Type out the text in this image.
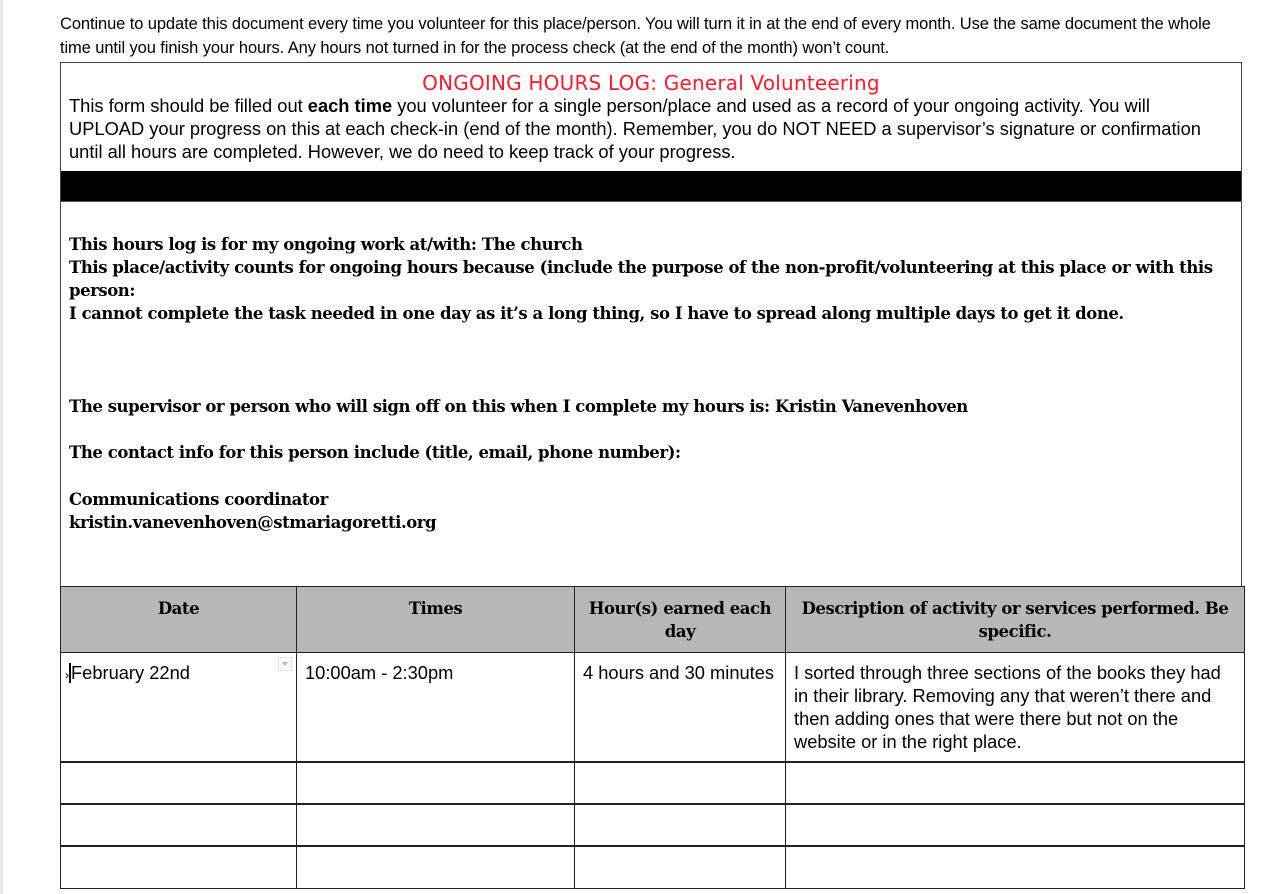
Continue to update this document every time you volunteer for this place/person. You will turn it in at the end of every month. Use the same document the whole time until you finish your hours. Any hours not turned in for the process check (at the end of the month) won’t count.
ONGOING HOURS LOG: General Volunteering
This form should be filled out each time you volunteer for a single person/place and used as a record of your ongoing activity. You will UPLOAD your progress on this at each check-in (end of the month). Remember, you do NOT NEED a supervisor’s signature or confirmation until all hours are completed. However, we do need to keep track of your progress.
This hours log is for my ongoing work at/with: The church
This place/activity counts for ongoing hours because (include the purpose of the non-profit/volunteering at this place or with this person:
I cannot complete the task needed in one day as it’s a long thing, so I have to spread along multiple days to get it done.
The supervisor or person who will sign off on this when I complete my hours is: Kristin Vanevenhoven
The contact info for this person include (title, email, phone number):
Communications coordinator
kristin.vanevenhoven@stmariagoretti.org
Date	Times	Hour(s) earned each day	Description of activity or services performed. Be specific.
› February 22nd	10:00am - 2:30pm	4 hours and 30 minutes	I sorted through three sections of the books they had in their library. Removing any that weren’t there and then adding ones that were there but not on the website or in the right place.
